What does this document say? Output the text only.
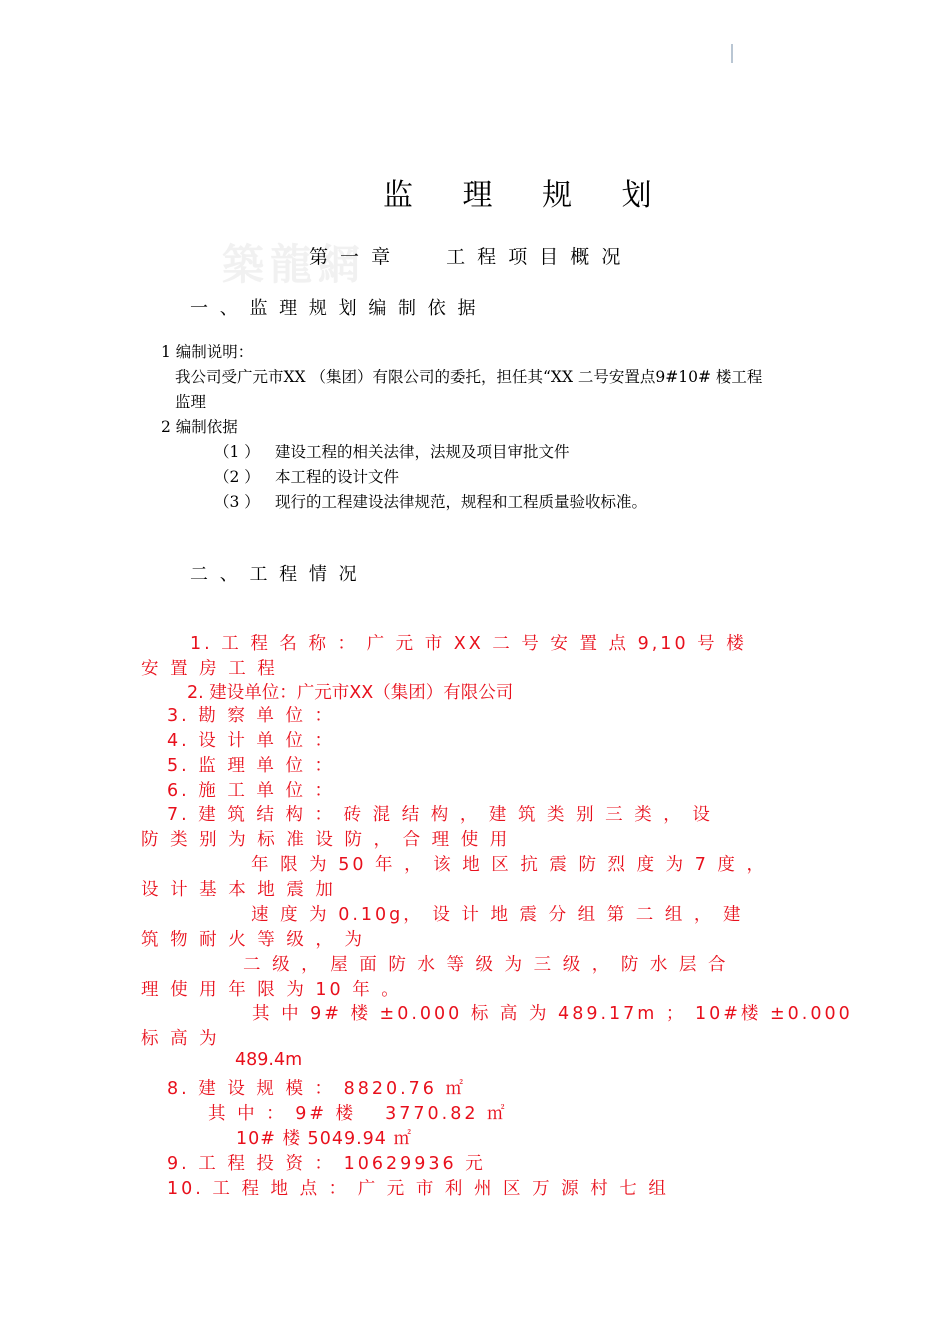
築龍網
监 理 规 划
第 一 章　　 工 程 项 目 概 况
一 、 监 理 规 划 编 制 依 据
1 编制说明：
我公司受广元市XX （集团）有限公司的委托，担任其“XX 二号安置点9#10# 楼工程
监理
2 编制依据
（1 ） 建设工程的相关法律，法规及项目审批文件
（2 ） 本工程的设计文件
（3 ） 现行的工程建设法律规范，规程和工程质量验收标准。
二 、 工 程 情 况
1. 工 程 名 称 ： 广 元 市 XX 二 号 安 置 点 9,10 号 楼
安 置 房 工 程
2. 建设单位：广元市XX（集团）有限公司
3. 勘 察 单 位 ：
4. 设 计 单 位 ：
5. 监 理 单 位 ：
6. 施 工 单 位 ：
7. 建 筑 结 构 ： 砖 混 结 构 ， 建 筑 类 别 三 类 ， 设
防 类 别 为 标 准 设 防 ， 合 理 使 用
年 限 为 50 年 ， 该 地 区 抗 震 防 烈 度 为 7 度 ，
设 计 基 本 地 震 加
速 度 为 0.10g， 设 计 地 震 分 组 第 二 组 ， 建
筑 物 耐 火 等 级 ， 为
二 级 ， 屋 面 防 水 等 级 为 三 级 ， 防 水 层 合
理 使 用 年 限 为 10 年 。
其 中 9# 楼 ±0.000 标 高 为 489.17m ； 10#楼 ±0.000
标 高 为
489.4m
8. 建 设 规 模 ： 8820.76 ㎡
其 中 ： 9# 楼　 3770.82 ㎡
10# 楼 5049.94 ㎡
9. 工 程 投 资 ： 10629936 元
10. 工 程 地 点 ： 广 元 市 利 州 区 万 源 村 七 组
